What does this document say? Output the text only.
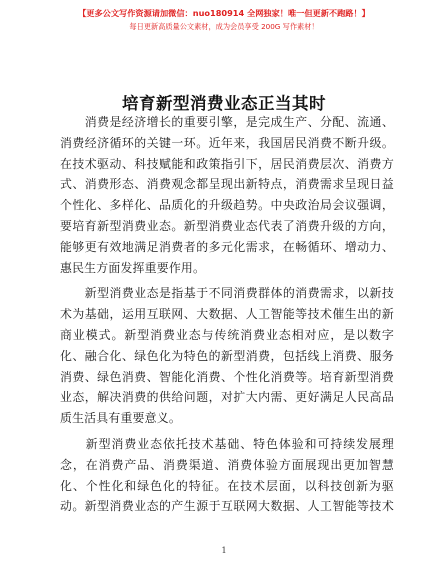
【更多公文写作资源请加微信：nuo180914 全网独家！唯一但更新不跑路！】
每日更新高质量公文素材，成为会员享受 200G 写作素材！
培育新型消费业态正当其时
　　消费是经济增长的重要引擎，是完成生产、分配、流通、
消费经济循环的关键一环。近年来，我国居民消费不断升级。
在技术驱动、科技赋能和政策指引下，居民消费层次、消费方
式、消费形态、消费观念都呈现出新特点，消费需求呈现日益
个性化、多样化、品质化的升级趋势。中央政治局会议强调，
要培育新型消费业态。新型消费业态代表了消费升级的方向，
能够更有效地满足消费者的多元化需求，在畅循环、增动力、
惠民生方面发挥重要作用。
　　新型消费业态是指基于不同消费群体的消费需求，以新技
术为基础，运用互联网、大数据、人工智能等技术催生出的新
商业模式。新型消费业态与传统消费业态相对应，是以数字
化、融合化、绿色化为特色的新型消费，包括线上消费、服务
消费、绿色消费、智能化消费、个性化消费等。培育新型消费
业态，解决消费的供给问题，对扩大内需、更好满足人民高品
质生活具有重要意义。
　　新型消费业态依托技术基础、特色体验和可持续发展理
念，在消费产品、消费渠道、消费体验方面展现出更加智慧
化、个性化和绿色化的特征。在技术层面，以科技创新为驱
动。新型消费业态的产生源于互联网大数据、人工智能等技术
1
